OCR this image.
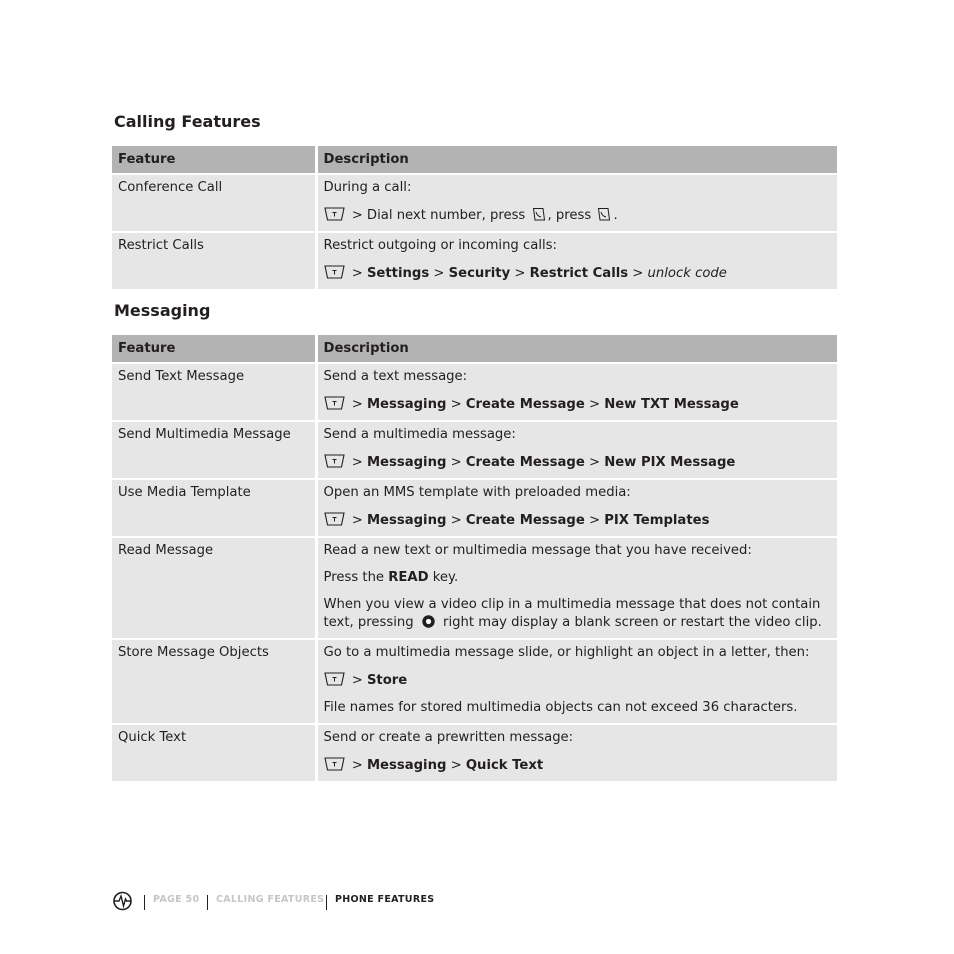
Calling Features
Feature	Description
Conference Call	During a call:
> Dial next number, press , press .

Restrict Calls	Restrict outgoing or incoming calls:
> Settings > Security > Restrict Calls > unlock code
Messaging
Feature	Description
Send Text Message	Send a text message:
> Messaging > Create Message > New TXT Message

Send Multimedia Message	Send a multimedia message:
> Messaging > Create Message > New PIX Message

Use Media Template	Open an MMS template with preloaded media:
> Messaging > Create Message > PIX Templates

Read Message	Read a new text or multimedia message that you have received:
Press the READ key.
When you view a video clip in a multimedia message that does not contain text, pressing  right may display a blank screen or restart the video clip.

Store Message Objects	Go to a multimedia message slide, or highlight an object in a letter, then:
> Store
File names for stored multimedia objects can not exceed 36 characters.

Quick Text	Send or create a prewritten message:
> Messaging > Quick Text
PAGE 50 CALLING FEATURES PHONE FEATURES
